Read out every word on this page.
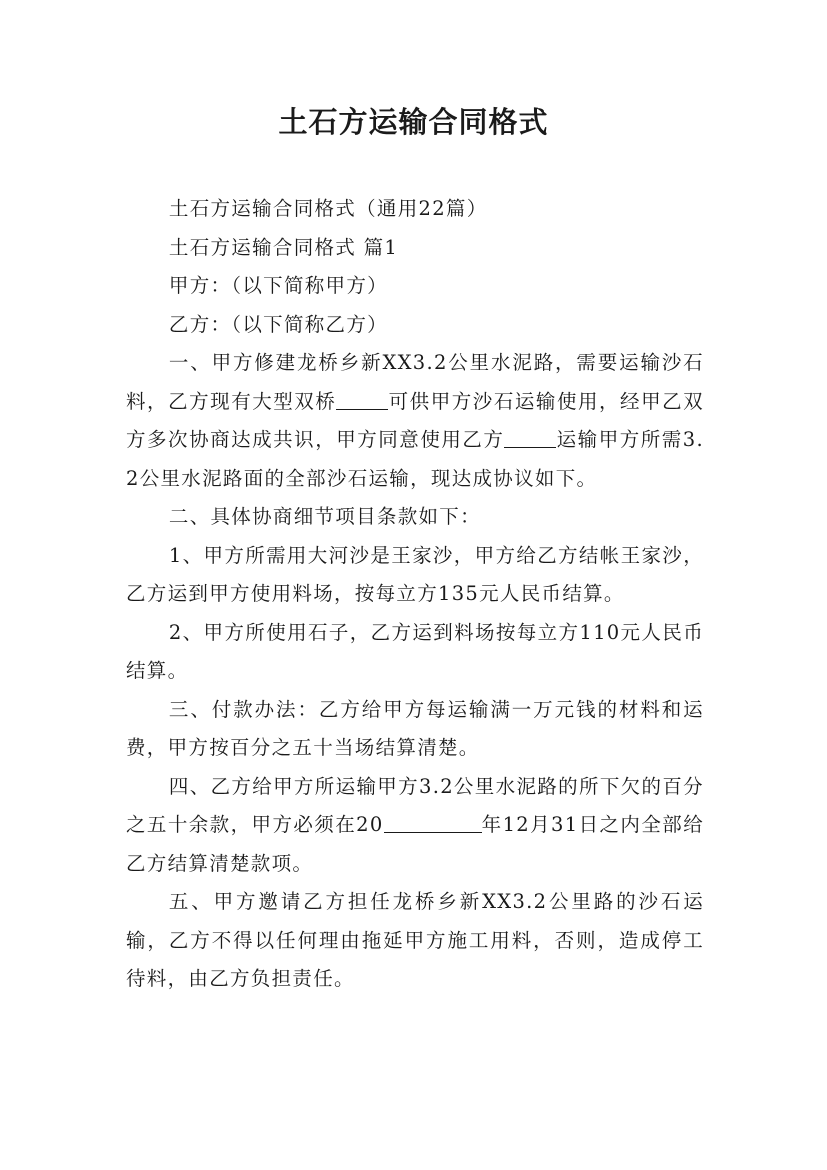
土石方运输合同格式

土石方运输合同格式（通用22篇）

土石方运输合同格式 篇1

甲方：（以下简称甲方）

乙方：（以下简称乙方）

一、甲方修建龙桥乡新XX3.2公里水泥路，需要运输沙石料，乙方现有大型双桥	可供甲方沙石运输使用，经甲乙双方多次协商达成共识，甲方同意使用乙方	运输甲方所需3.2公里水泥路面的全部沙石运输，现达成协议如下。

二、具体协商细节项目条款如下：

1、甲方所需用大河沙是王家沙，甲方给乙方结帐王家沙，乙方运到甲方使用料场，按每立方135元人民币结算。

2、甲方所使用石子，乙方运到料场按每立方110元人民币结算。

三、付款办法：乙方给甲方每运输满一万元钱的材料和运费，甲方按百分之五十当场结算清楚。

四、乙方给甲方所运输甲方3.2公里水泥路的所下欠的百分之五十余款，甲方必须在20	年12月31日之内全部给乙方结算清楚款项。

五、甲方邀请乙方担任龙桥乡新XX3.2公里路的沙石运输，乙方不得以任何理由拖延甲方施工用料，否则，造成停工待料，由乙方负担责任。
